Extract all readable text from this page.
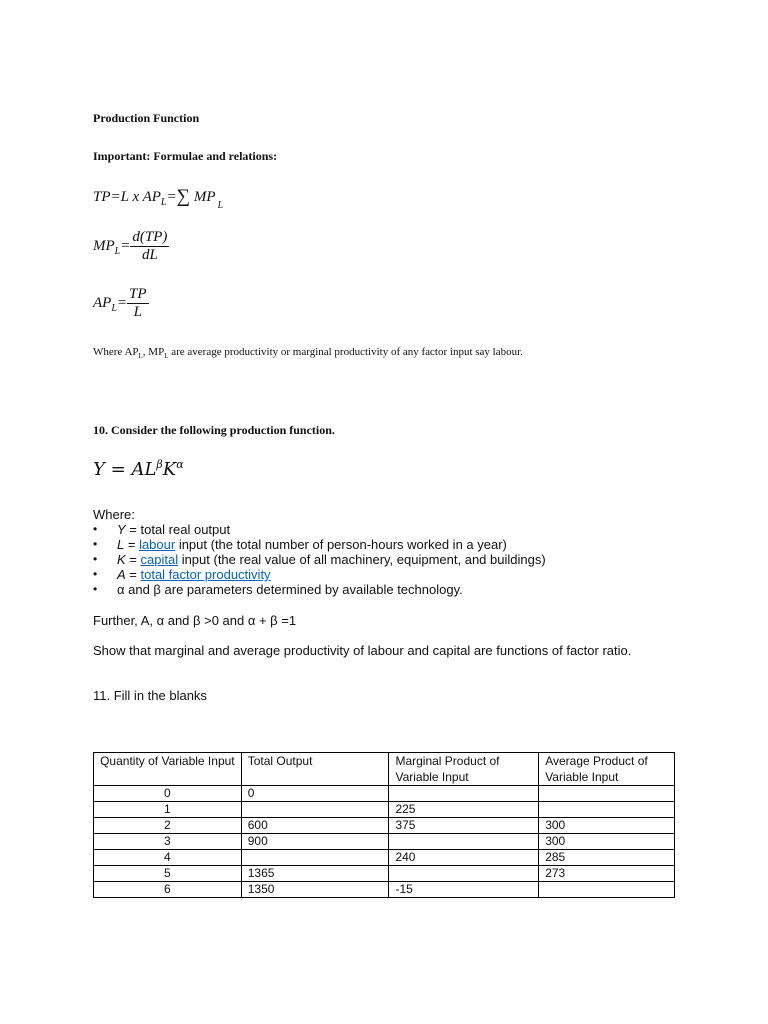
Production Function
Important: Formulae and relations:
TP=L x $AP_L=\sum$ $MP_L$
$MP_L= \frac{d(TP)}{dL}$
$AP_L= \frac{TP}{L}$
Where $AP_L$, $MP_L$ are average productivity or marginal productivity of any factor input say labour.
10. Consider the following production function.
$Y = AL^\beta K^\alpha$
Where:
• Y = total real output
• L = labour input (the total number of person-hours worked in a year)
• K = capital input (the real value of all machinery, equipment, and buildings)
• A = total factor productivity
• α and β are parameters determined by available technology.
Further, A, α and β >0 and α + β =1
Show that marginal and average productivity of labour and capital are functions of factor ratio.
11. Fill in the blanks
Quantity of Variable Input	Total Output	Marginal Product of Variable Input	Average Product of Variable Input
0	0		
1		225	
2	600	375	300
3	900		300
4		240	285
5	1365		273
6	1350	-15	
